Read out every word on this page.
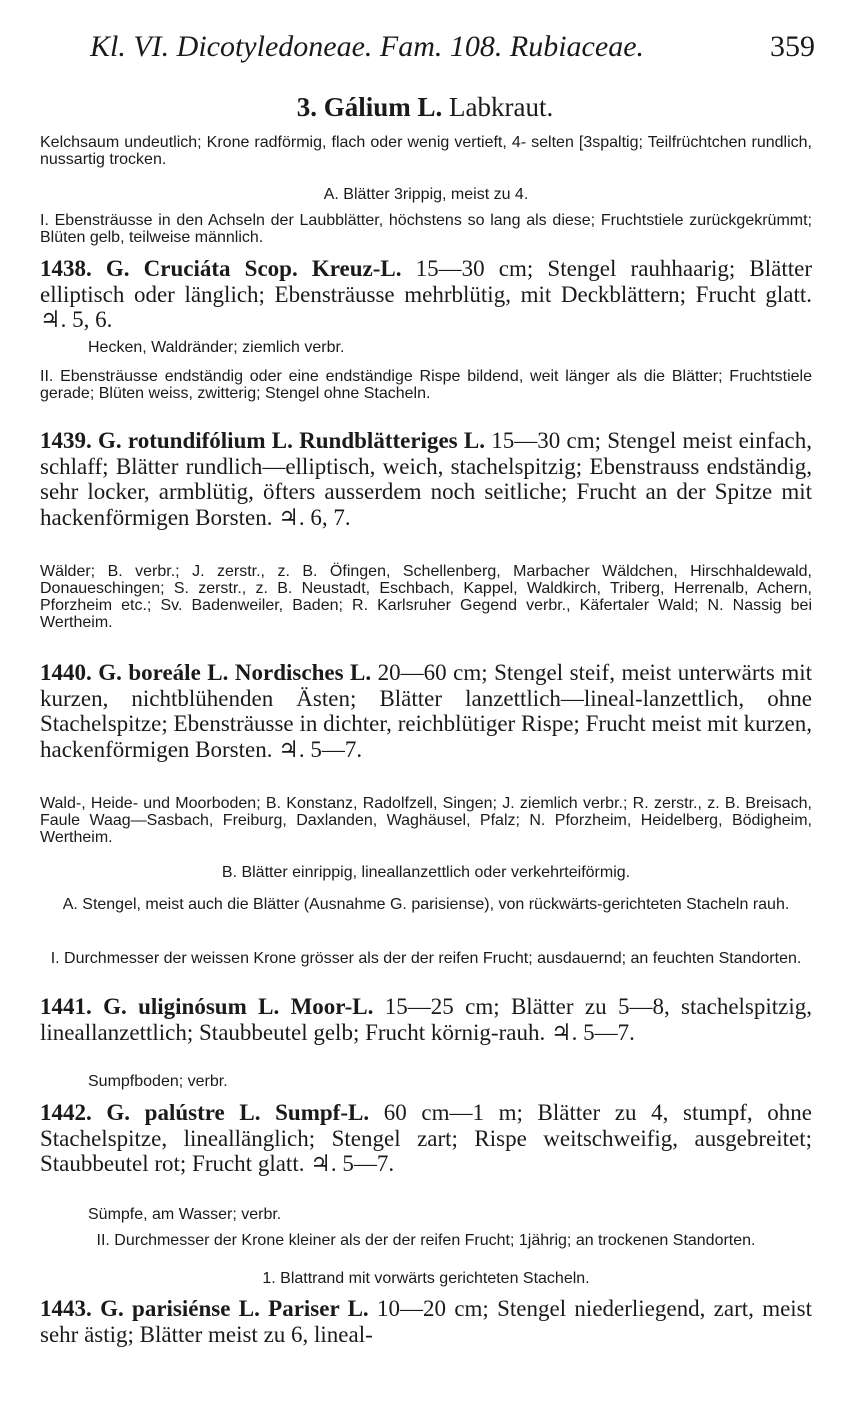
Kl. VI. Dicotyledoneae. Fam. 108. Rubiaceae.	359
3. Gálium L. Labkraut.
Kelchsaum undeutlich; Krone radförmig, flach oder wenig vertieft, 4- selten [3spaltig; Teilfrüchtchen rundlich, nussartig trocken.
A. Blätter 3rippig, meist zu 4.
I. Ebensträusse in den Achseln der Laubblätter, höchstens so lang als diese; Fruchtstiele zurückgekrümmt; Blüten gelb, teilweise männlich.
1438. G. Cruciáta Scop. Kreuz-L. 15—30 cm; Stengel rauhhaarig; Blätter elliptisch oder länglich; Ebensträusse mehrblütig, mit Deckblättern; Frucht glatt. ♃. 5, 6.
Hecken, Waldränder; ziemlich verbr.
II. Ebensträusse endständig oder eine endständige Rispe bildend, weit länger als die Blätter; Fruchtstiele gerade; Blüten weiss, zwitterig; Stengel ohne Stacheln.
1439. G. rotundifólium L. Rundblätteriges L. 15—30 cm; Stengel meist einfach, schlaff; Blätter rundlich—elliptisch, weich, stachelspitzig; Ebenstrauss endständig, sehr locker, armblütig, öfters ausserdem noch seitliche; Frucht an der Spitze mit hackenförmigen Borsten. ♃. 6, 7.
Wälder; B. verbr.; J. zerstr., z. B. Öfingen, Schellenberg, Marbacher Wäldchen, Hirschhaldewald, Donaueschingen; S. zerstr., z. B. Neustadt, Eschbach, Kappel, Waldkirch, Triberg, Herrenalb, Achern, Pforzheim etc.; Sv. Badenweiler, Baden; R. Karlsruher Gegend verbr., Käfertaler Wald; N. Nassig bei Wertheim.
1440. G. boreále L. Nordisches L. 20—60 cm; Stengel steif, meist unterwärts mit kurzen, nichtblühenden Ästen; Blätter lanzettlich—lineal-lanzettlich, ohne Stachelspitze; Ebensträusse in dichter, reichblütiger Rispe; Frucht meist mit kurzen, hackenförmigen Borsten. ♃. 5—7.
Wald-, Heide- und Moorboden; B. Konstanz, Radolfzell, Singen; J. ziemlich verbr.; R. zerstr., z. B. Breisach, Faule Waag—Sasbach, Freiburg, Daxlanden, Waghäusel, Pfalz; N. Pforzheim, Heidelberg, Bödigheim, Wertheim.
B. Blätter einrippig, lineallanzettlich oder verkehrteiförmig.
A. Stengel, meist auch die Blätter (Ausnahme G. parisiense), von rückwärts-gerichteten Stacheln rauh.
I. Durchmesser der weissen Krone grösser als der der reifen Frucht; ausdauernd; an feuchten Standorten.
1441. G. uliginósum L. Moor-L. 15—25 cm; Blätter zu 5—8, stachelspitzig, lineallanzettlich; Staubbeutel gelb; Frucht körnig-rauh. ♃. 5—7.
Sumpfboden; verbr.
1442. G. palústre L. Sumpf-L. 60 cm—1 m; Blätter zu 4, stumpf, ohne Stachelspitze, lineallänglich; Stengel zart; Rispe weitschweifig, ausgebreitet; Staubbeutel rot; Frucht glatt. ♃. 5—7.
Sümpfe, am Wasser; verbr.
II. Durchmesser der Krone kleiner als der der reifen Frucht; 1jährig; an trockenen Standorten.
1. Blattrand mit vorwärts gerichteten Stacheln.
1443. G. parisiénse L. Pariser L. 10—20 cm; Stengel niederliegend, zart, meist sehr ästig; Blätter meist zu 6, lineal-
